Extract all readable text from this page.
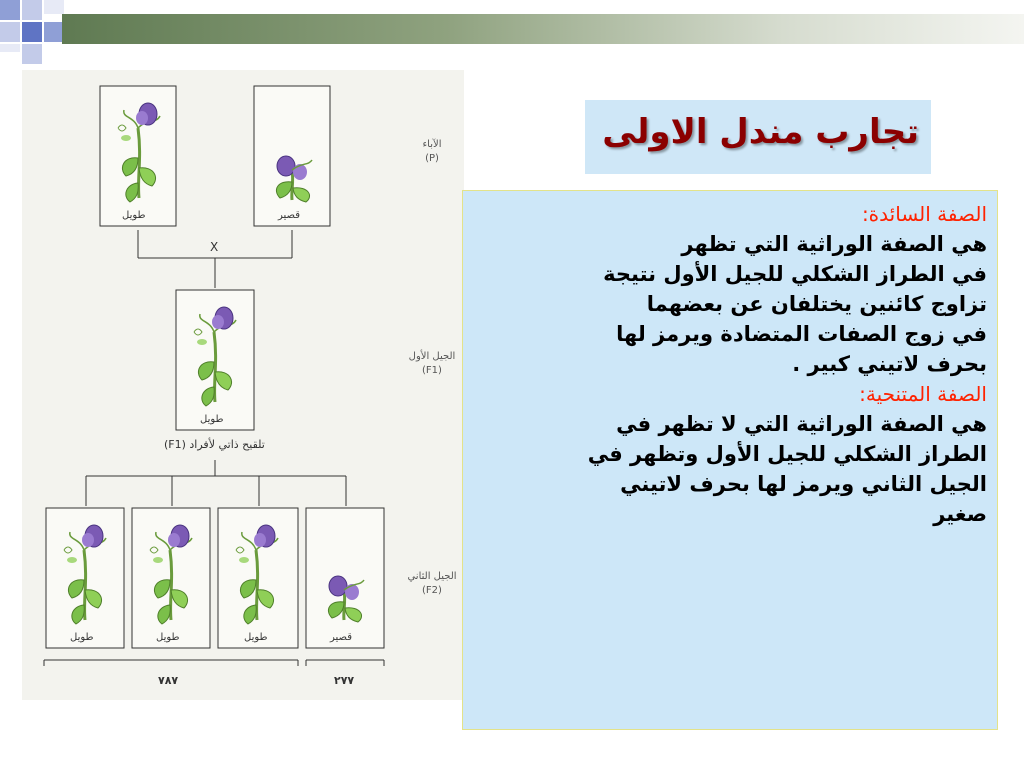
طويل	قصير
X
طويل
تلقيح ذاتي لأفراد (F1)
طويل	طويل	طويل	قصير
٧٨٧	٢٧٧
الآباء
(P)
الجيل الأول
(F1)
الجيل الثاني
(F2)
تجارب مندل الاولى
الصفة السائدة:
هي الصفة الوراثية التي تظهر
في الطراز الشكلي للجيل الأول نتيجة
تزاوج كائنين يختلفان عن بعضهما
في زوج الصفات المتضادة ويرمز لها
بحرف لاتيني كبير .
الصفة المتنحية:
هي الصفة الوراثية التي لا تظهر في
الطراز الشكلي للجيل الأول وتظهر في
الجيل الثاني ويرمز لها بحرف لاتيني
صغير
